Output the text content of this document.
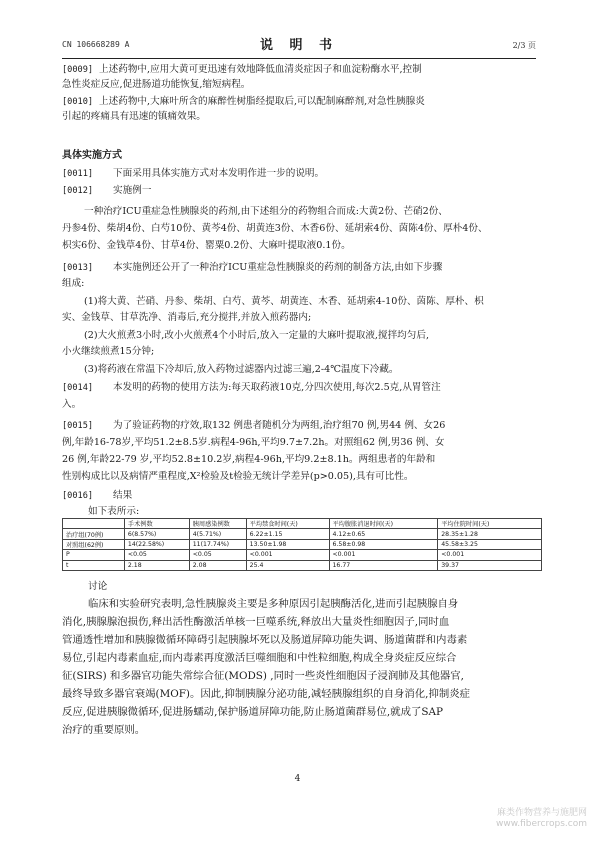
CN 106668289 A	说 明 书	2/3 页
[0009] 上述药物中,应用大黄可更迅速有效地降低血清炎症因子和血淀粉酶水平,控制
急性炎症反应,促进肠道功能恢复,缩短病程。
[0010] 上述药物中,大麻叶所含的麻醉性树脂经提取后,可以配制麻醉剂,对急性胰腺炎
引起的疼痛具有迅速的镇痛效果。
具体实施方式
[0011] 下面采用具体实施方式对本发明作进一步的说明。
[0012] 实施例一
一种治疗ICU重症急性胰腺炎的药剂,由下述组分的药物组合而成:大黄2份、芒硝2份、
丹参4份、柴胡4份、白芍10份、黄芩4份、胡黄连3份、木香6份、延胡索4份、茵陈4份、厚朴4份、
枳实6份、金钱草4份、甘草4份、罂粟0.2份、大麻叶提取液0.1份。
[0013] 本实施例还公开了一种治疗ICU重症急性胰腺炎的药剂的制备方法,由如下步骤
组成:
(1)将大黄、芒硝、丹参、柴胡、白芍、黄芩、胡黄连、木香、延胡索4-10份、茵陈、厚朴、枳
实、金钱草、甘草洗净、消毒后,充分搅拌,并放入煎药器内;
(2)大火煎煮3小时,改小火煎煮4个小时后,放入一定量的大麻叶提取液,搅拌均匀后,
小火继续煎煮15分钟;
(3)将药液在常温下冷却后,放入药物过滤器内过滤三遍,2-4℃温度下冷藏。
[0014] 本发明的药物的使用方法为:每天取药液10克,分四次使用,每次2.5克,从胃管注
入。
[0015] 为了验证药物的疗效,取132 例患者随机分为两组,治疗组70 例,男44 例、女26
例,年龄16-78岁,平均51.2±8.5岁.病程4-96h,平均9.7±7.2h。对照组62 例,男36 例、女
26 例,年龄22-79 岁,平均52.8±10.2岁,病程4-96h,平均9.2±8.1h。两组患者的年龄和
性别构成比以及病情严重程度,X²检验及t检验无统计学差异(p>0.05),具有可比性。
[0016] 结果
如下表所示:
	手术例数	胰周感染例数	平均禁食时间(天)	平均腹胀消退时间(天)	平均住院时间(天)
治疗组(70例)	6(8.57%)	4(5.71%)	6.22±1.15	4.12±0.65	28.35±1.28
对照组(62例)	14(22.58%)	11(17.74%)	13.50±1.98	6.58±0.98	45.58±3.25
P	<0.05	<0.05	<0.001	<0.001	<0.001
t	2.18	2.08	25.4	16.77	39.37
讨论
临床和实验研究表明,急性胰腺炎主要是多种原因引起胰酶活化,进而引起胰腺自身
消化,胰腺腺泡损伤,释出活性酶激活单核一巨噬系统,释放出大量炎性细胞因子,同时血
管通透性增加和胰腺微循环障碍引起胰腺坏死以及肠道屏障功能失调、肠道菌群和内毒素
易位,引起内毒素血症,而内毒素再度激活巨噬细胞和中性粒细胞,构成全身炎症反应综合
征(SIRS) 和多器官功能失常综合征(MODS) ,同时一些炎性细胞因子浸润肺及其他器官,
最终导致多器官衰竭(MOF)。因此,抑制胰腺分泌功能,减轻胰腺组织的自身消化,抑制炎症
反应,促进胰腺微循环,促进肠蠕动,保护肠道屏障功能,防止肠道菌群易位,就成了SAP
治疗的重要原则。
4
麻类作物营养与施肥网
www.fibercrops.com
